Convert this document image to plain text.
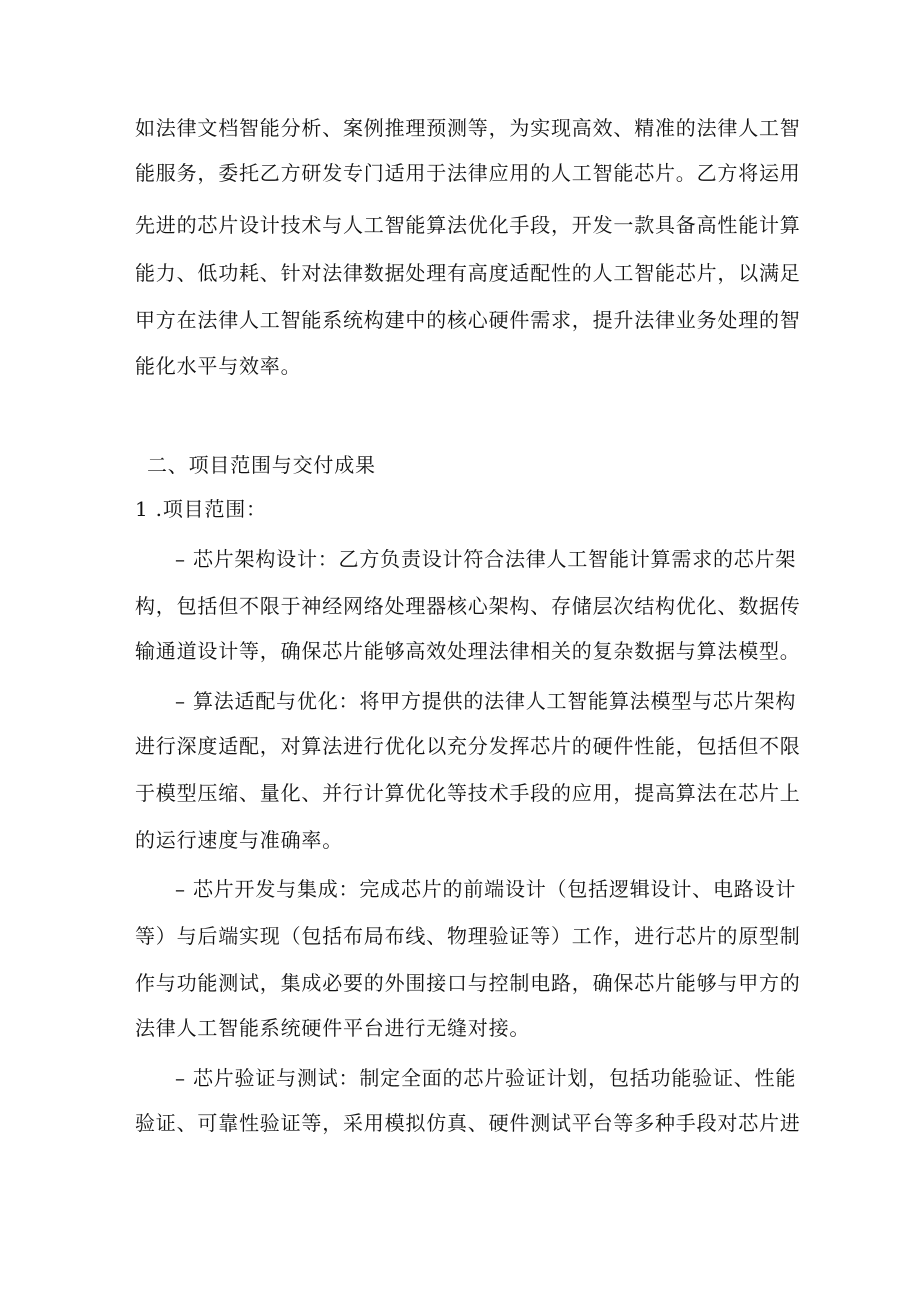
如法律文档智能分析、案例推理预测等，为实现高效、精准的法律人工智
能服务，委托乙方研发专门适用于法律应用的人工智能芯片。乙方将运用
先进的芯片设计技术与人工智能算法优化手段，开发一款具备高性能计算
能力、低功耗、针对法律数据处理有高度适配性的人工智能芯片，以满足
甲方在法律人工智能系统构建中的核心硬件需求，提升法律业务处理的智
能化水平与效率。
二、项目范围与交付成果
1 .项目范围：
– 芯片架构设计：乙方负责设计符合法律人工智能计算需求的芯片架
构，包括但不限于神经网络处理器核心架构、存储层次结构优化、数据传
输通道设计等，确保芯片能够高效处理法律相关的复杂数据与算法模型。
– 算法适配与优化：将甲方提供的法律人工智能算法模型与芯片架构
进行深度适配，对算法进行优化以充分发挥芯片的硬件性能，包括但不限
于模型压缩、量化、并行计算优化等技术手段的应用，提高算法在芯片上
的运行速度与准确率。
– 芯片开发与集成：完成芯片的前端设计（包括逻辑设计、电路设计
等）与后端实现（包括布局布线、物理验证等）工作，进行芯片的原型制
作与功能测试，集成必要的外围接口与控制电路，确保芯片能够与甲方的
法律人工智能系统硬件平台进行无缝对接。
– 芯片验证与测试：制定全面的芯片验证计划，包括功能验证、性能
验证、可靠性验证等，采用模拟仿真、硬件测试平台等多种手段对芯片进
